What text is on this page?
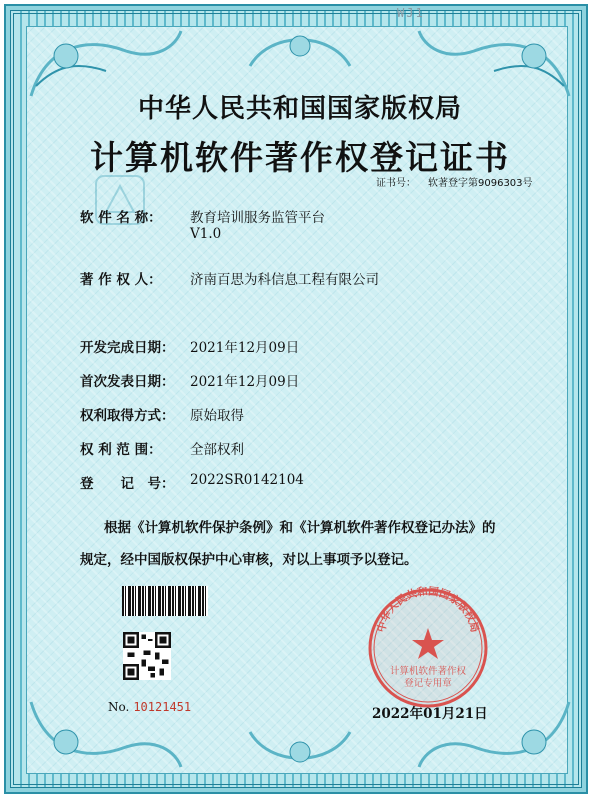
WJ1
中华人民共和国国家版权局
计算机软件著作权登记证书
证书号： 软著登字第9096303号
软 件 名 称： 教育培训服务监管平台
V1.0
著 作 权 人： 济南百思为科信息工程有限公司
开发完成日期： 2021年12月09日
首次发表日期： 2021年12月09日
权利取得方式： 原始取得
权 利 范 围： 全部权利
登　　记　号： 2022SR0142104
根据《计算机软件保护条例》和《计算机软件著作权登记办法》的
规定，经中国版权保护中心审核，对以上事项予以登记。
No. 10121451
中华人民共和国国家版权局
计算机软件著作权
登记专用章
2022年01月21日
